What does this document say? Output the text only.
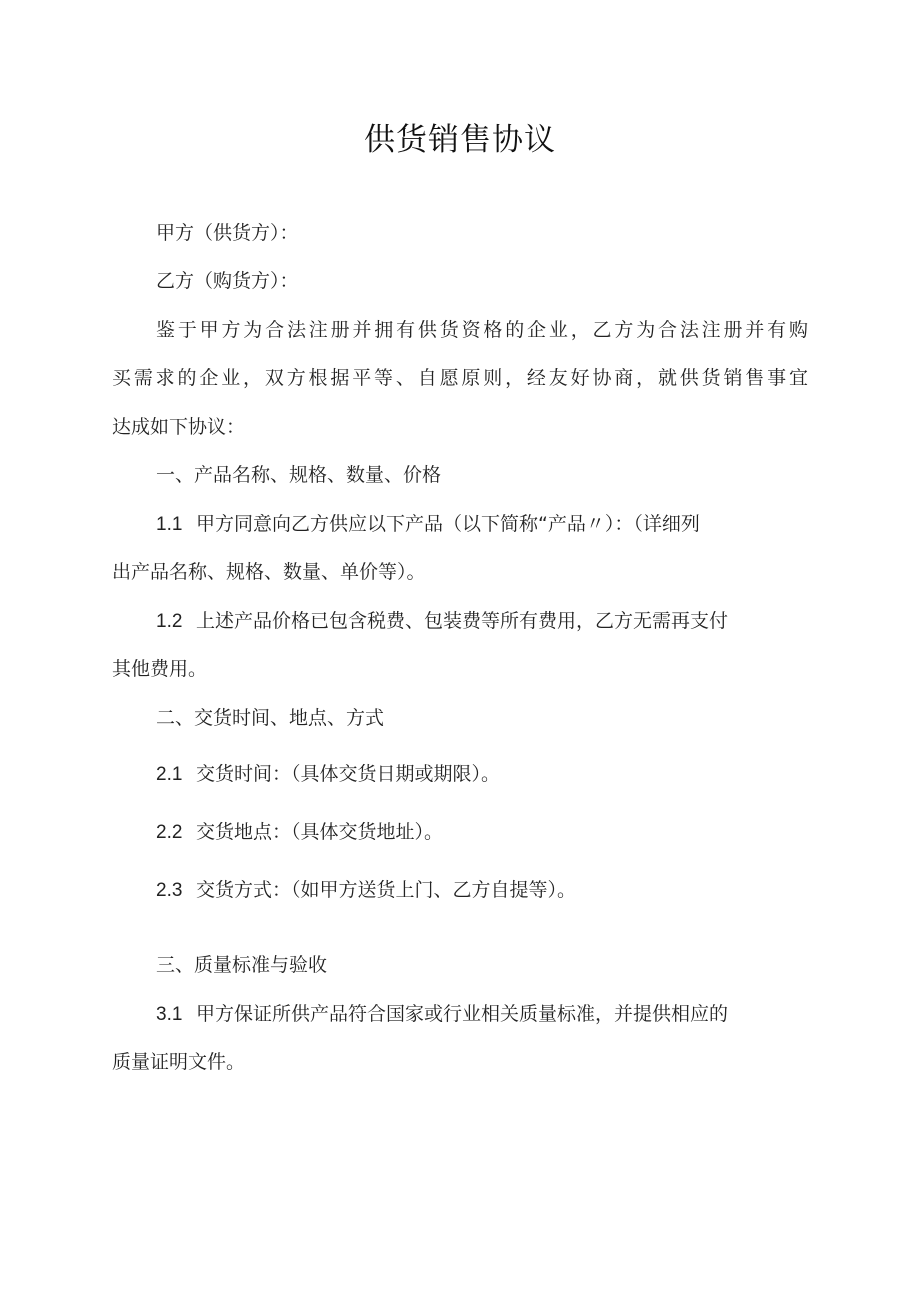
供货销售协议
甲方（供货方）：
乙方（购货方）：
鉴于甲方为合法注册并拥有供货资格的企业，乙方为合法注册并有购
买需求的企业，双方根据平等、自愿原则，经友好协商，就供货销售事宜
达成如下协议：
一、产品名称、规格、数量、价格
1.1 甲方同意向乙方供应以下产品（以下简称“产品〃）：（详细列
出产品名称、规格、数量、单价等）。
1.2 上述产品价格已包含税费、包装费等所有费用，乙方无需再支付
其他费用。
二、交货时间、地点、方式
2.1 交货时间：（具体交货日期或期限）。
2.2 交货地点：（具体交货地址）。
2.3 交货方式：（如甲方送货上门、乙方自提等）。
三、质量标准与验收
3.1 甲方保证所供产品符合国家或行业相关质量标准，并提供相应的
质量证明文件。
